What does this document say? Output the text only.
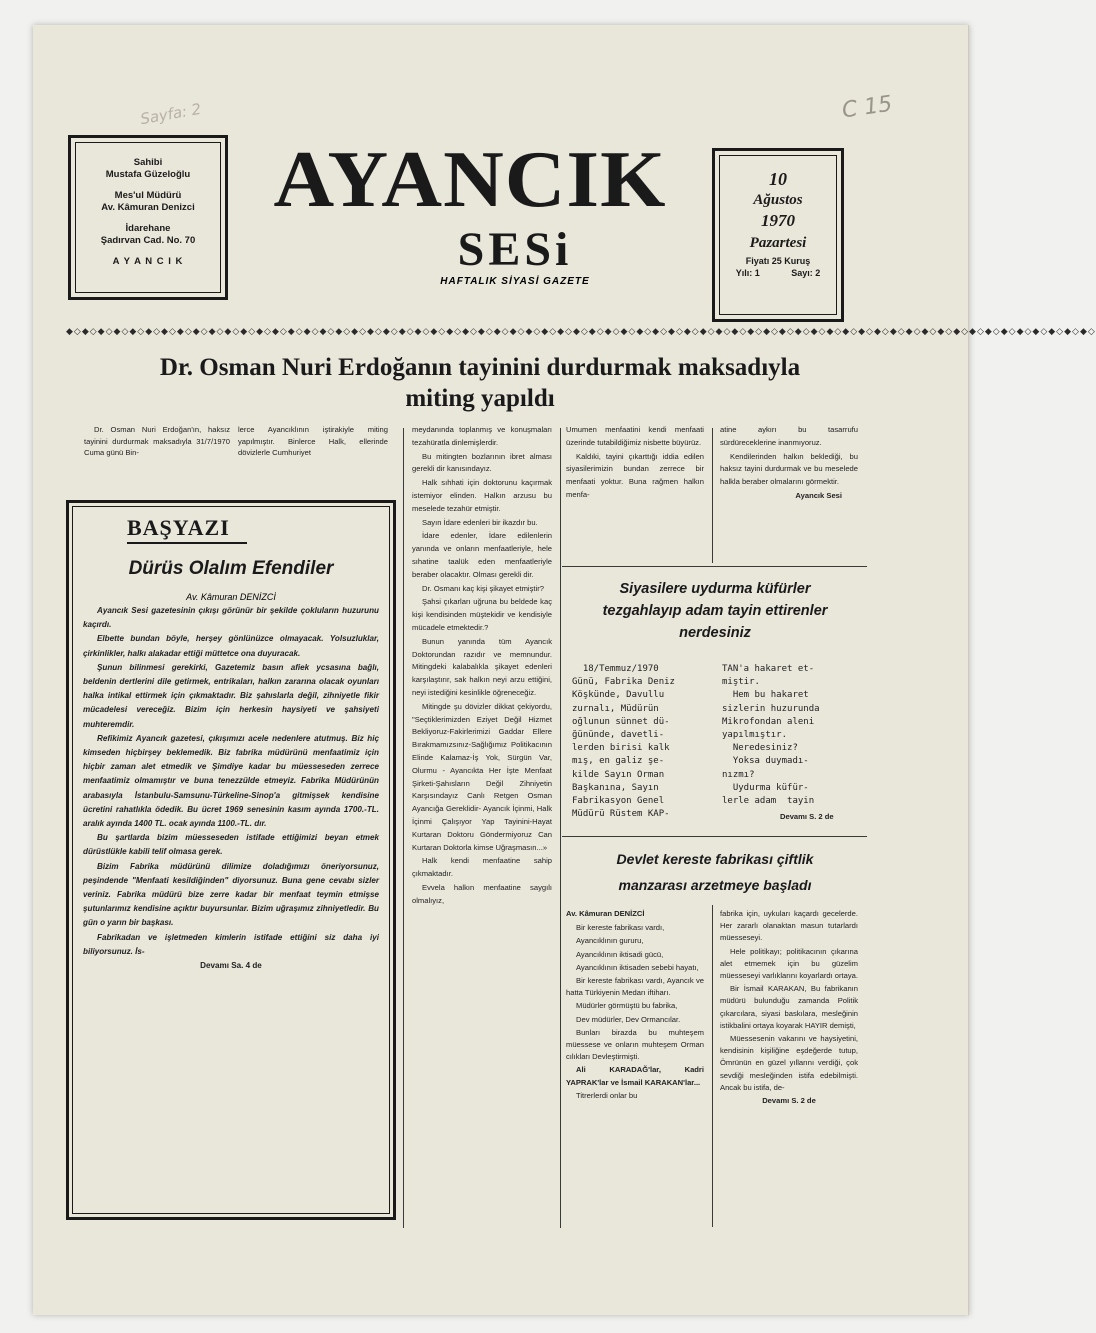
C 15
Sayfa: 2
Sahibi
Mustafa Güzeloğlu
Mes'ul Müdürü
Av. Kâmuran Denizci
İdarehane
Şadırvan Cad. No. 70
A Y A N C I K
AYANCIK
SESi
HAFTALIK SİYASİ GAZETE
10
Ağustos
1970
Pazartesi
Fiyatı 25 Kuruş
Yılı: 1	Sayı: 2
◆◇◆◇◆◇◆◇◆◇◆◇◆◇◆◇◆◇◆◇◆◇◆◇◆◇◆◇◆◇◆◇◆◇◆◇◆◇◆◇◆◇◆◇◆◇◆◇◆◇◆◇◆◇◆◇◆◇◆◇◆◇◆◇◆◇◆◇◆◇◆◇◆◇◆◇◆◇◆◇◆◇◆◇◆◇◆◇◆◇◆◇◆◇◆◇◆◇◆◇◆◇◆◇◆◇◆◇◆◇◆◇◆◇◆◇◆◇◆◇◆◇◆◇◆◇◆◇◆◇
Dr. Osman Nuri Erdoğanın tayinini durdurmak maksadıyla
miting yapıldı

Dr. Osman Nuri Erdoğan'ın, haksız tayinini durdurmak maksadıyla 31/7/1970 Cuma günü Bin-

lerce Ayancıklının iştirakiyle miting yapılmıştır. Binlerce Halk, ellerinde dövizlerle Cumhuriyet

BAŞYAZI
Dürüs Olalım Efendiler
Av. Kâmuran DENİZCİ

Ayancık Sesi gazetesinin çıkışı görünür bir şekilde çokluların huzurunu kaçırdı.

Elbette bundan böyle, herşey gönlünüzce olmayacak. Yolsuzluklar, çirkinlikler, halkı alakadar ettiği müttetce ona duyuracak.

Şunun bilinmesi gerekirki, Gazetemiz basın afiek ycsasına bağlı, beldenin dertlerini dile getirmek, entrikaları, halkın zararına olacak oyunları halka intikal ettirmek için çıkmaktadır. Biz şahıslarla değil, zihniyetle fikir mücadelesi vereceğiz. Bizim için herkesin haysiyeti ve şahsiyeti muhteremdir.

Refikimiz Ayancık gazetesi, çıkışımızı acele nedenlere atutmuş. Biz hiç kimseden hiçbirşey beklemedik. Biz fabrika müdürünü menfaatimiz için hiçbir zaman alet etmedik ve Şimdiye kadar bu müesseseden zerrece menfaatimiz olmamıştır ve buna tenezzülde etmeyiz. Fabrika Müdürünün arabasıyla İstanbulu-Samsunu-Türkeline-Sinop'a gitmişsek kendisine ücretini rahatlıkla ödedik. Bu ücret 1969 senesinin kasım ayında 1700.-TL. aralık ayında 1400 TL. ocak ayında 1100.-TL. dır.

Bu şartlarda bizim müesseseden istifade ettiğimizi beyan etmek dürüstlükle kabili telif olmasa gerek.

Bizim Fabrika müdürünü dilimize doladığımızı öneriyorsunuz, peşindende "Menfaati kesildiğinden" diyorsunuz. Buna gene cevabı sizler veriniz. Fabrika müdürü bize zerre kadar bir menfaat teymin etmişse şutunlarımız kendisine açıktır buyursunlar. Bizim uğraşımız zihniyetledir. Bu gün o yarın bir başkası.

Fabrikadan ve işletmeden kimlerin istifade ettiğini siz daha iyi biliyorsunuz. İs-

Devamı Sa. 4 de

meydanında toplanmış ve konuşmaları tezahüratla dinlemişlerdir.

Bu mitingten bozlarının ibret alması gerekli dir kanısındayız.

Halk sıhhati için doktorunu kaçırmak istemiyor elinden. Halkın arzusu bu meselede tezahür etmiştir.

Sayın İdare edenleri bir ikazdır bu.

İdare edenler, İdare edilenlerin yanında ve onların menfaatleriyle, hele sıhatine taalük eden menfaatleriyle beraber olacaktır. Olması gerekli dir.

Dr. Osmanı kaç kişi şikayet etmiştir?

Şahsi çıkarları uğruna bu beldede kaç kişi kendisinden müştekidir ve kendisiyle mücadele etmektedir.?

Bunun yanında tüm Ayancık Doktorundan razıdır ve memnundur. Mitingdeki kalabalıkla şikayet edenleri karşılaştırır, sak halkın neyi arzu ettiğini, neyi istediğini kesinlikle öğreneceğiz.

Mitingde şu dövizler dikkat çekiyordu, "Seçtiklerimizden Eziyet Değil Hizmet Bekliyoruz-Fakirlerimizi Gaddar Ellere Bırakmamızsınız-Sağlığımız Politikacının Elinde Kalamaz-İş Yok, Sürgün Var, Olurmu - Ayancıkta Her İşte Menfaat Şirketi-Şahısların Değil Zihniyetin Karşısındayız Canlı Retgen Osman Ayancığa Gereklidir- Ayancık İçinmi, Halk İçinmi Çalışıyor Yap Tayinini-Hayat Kurtaran Doktoru Göndermiyoruz Can Kurtaran Doktorla kimse Uğraşmasın...»

Halk kendi menfaatine sahip çıkmaktadır.

Evvela halkın menfaatine saygılı olmalıyız,

Umumen menfaatini kendi menfaati üzerinde tutabildiğimiz nisbette büyürüz.

Kaldıki, tayini çıkarttığı iddia edilen siyasilerimizin bundan zerrece bir menfaati yoktur. Buna rağmen halkın menfa-

atine aykırı bu tasarrufu sürdüreceklerine inanmıyoruz.

Kendilerinden halkın beklediği, bu haksız tayini durdurmak ve bu meselede halkla beraber olmalarını görmektir.

Ayancık Sesi
Siyasilere uydurma küfürler
tezgahlayıp adam tayin ettirenler
nerdesiniz
18/Temmuz/1970
Günü, Fabrika Deniz
Köşkünde, Davullu
zurnalı, Müdürün
oğlunun sünnet dü-
ğününde, davetli-
lerden birisi kalk
mış, en galiz şe-
kilde Sayın Orman
Başkanına, Sayın
Fabrikasyon Genel
Müdürü Rüstem KAP-
TAN'a hakaret et-
miştir.
Hem bu hakaret
sizlerin huzurunda
Mikrofondan aleni
yapılmıştır.
Neredesiniz?
Yoksa duymadı-
nızmı?
Uydurma küfür-
lerle adam  tayin
Devamı S. 2 de
Devlet kereste fabrikası çiftlik
manzarası arzetmeye başladı
Av. Kâmuran DENİZCİ

Bir kereste fabrikası vardı,

Ayancıklının gururu,

Ayancıklının iktisadi gücü,

Ayancıklının iktisaden sebebi hayatı,

Bir kereste fabrikası vardı, Ayancık ve hatta Türkiyenin Medarı iftiharı.

Müdürler görmüştü bu fabrika,

Dev müdürler, Dev Ormancılar.

Bunları birazda bu muhteşem müessese ve onların muhteşem Orman cılıkları Devleştirmişti.

Ali KARADAĞ'lar, Kadri YAPRAK'lar ve İsmail KARAKAN'lar...

Titrerlerdi onlar bu

fabrika için, uykuları kaçardı gecelerde. Her zararlı olanaktan masun tutarlardı müesseseyi.

Hele politikayı; politikacının çıkarına alet etmemek için bu güzelim müesseseyi varlıklarını koyarlardı ortaya.

Bir İsmail KARAKAN, Bu fabrikanın müdürü bulunduğu zamanda Politik çıkarcılara, siyasi baskılara, mesleğinin istikbalini ortaya koyarak HAYIR demişti,

Müessesenin vakarını ve haysiyetini, kendisinin kişiliğine eşdeğerde tutup, Ömrünün en güzel yıllarını verdiği, çok sevdiği mesleğinden istifa edebilmişti. Ancak bu istifa, de-

Devamı S. 2 de
